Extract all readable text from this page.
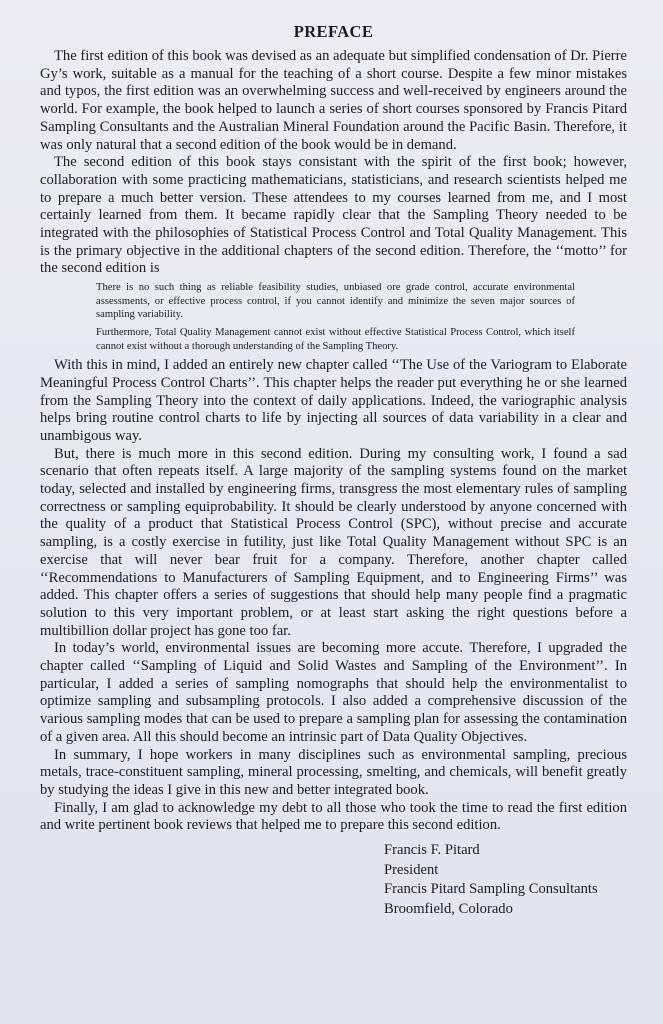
PREFACE

The first edition of this book was devised as an adequate but simplified condensation of Dr. Pierre Gy’s work, suitable as a manual for the teaching of a short course. Despite a few minor mistakes and typos, the first edition was an overwhelming success and well-received by engineers around the world. For example, the book helped to launch a series of short courses sponsored by Francis Pitard Sampling Consultants and the Australian Mineral Foundation around the Pacific Basin. Therefore, it was only natural that a second edition of the book would be in demand.

The second edition of this book stays consistant with the spirit of the first book; however, collaboration with some practicing mathematicians, statisticians, and research scientists helped me to prepare a much better version. These attendees to my courses learned from me, and I most certainly learned from them. It became rapidly clear that the Sampling Theory needed to be integrated with the philosophies of Statistical Process Control and Total Quality Management. This is the primary objective in the additional chapters of the second edition. Therefore, the ‘‘motto’’ for the second edition is

There is no such thing as reliable feasibility studies, unbiased ore grade control, accurate environmental assessments, or effective process control, if you cannot identify and minimize the seven major sources of sampling variability.

Furthermore, Total Quality Management cannot exist without effective Statistical Process Control, which itself cannot exist without a thorough understanding of the Sampling Theory.

With this in mind, I added an entirely new chapter called ‘‘The Use of the Variogram to Elaborate Meaningful Process Control Charts’’. This chapter helps the reader put everything he or she learned from the Sampling Theory into the context of daily applications. Indeed, the variographic analysis helps bring routine control charts to life by injecting all sources of data variability in a clear and unambigous way.

But, there is much more in this second edition. During my consulting work, I found a sad scenario that often repeats itself. A large majority of the sampling systems found on the market today, selected and installed by engineering firms, transgress the most elementary rules of sampling correctness or sampling equiprobability. It should be clearly understood by anyone concerned with the quality of a product that Statistical Process Control (SPC), without precise and accurate sampling, is a costly exercise in futility, just like Total Quality Management without SPC is an exercise that will never bear fruit for a company. Therefore, another chapter called ‘‘Recommendations to Manufacturers of Sampling Equipment, and to Engineering Firms’’ was added. This chapter offers a series of suggestions that should help many people find a pragmatic solution to this very important problem, or at least start asking the right questions before a multibillion dollar project has gone too far.

In today’s world, environmental issues are becoming more accute. Therefore, I upgraded the chapter called ‘‘Sampling of Liquid and Solid Wastes and Sampling of the Environment’’. In particular, I added a series of sampling nomographs that should help the environmentalist to optimize sampling and subsampling protocols. I also added a comprehensive discussion of the various sampling modes that can be used to prepare a sampling plan for assessing the contamination of a given area. All this should become an intrinsic part of Data Quality Objectives.

In summary, I hope workers in many disciplines such as environmental sampling, precious metals, trace-constituent sampling, mineral processing, smelting, and chemicals, will benefit greatly by studying the ideas I give in this new and better integrated book.

Finally, I am glad to acknowledge my debt to all those who took the time to read the first edition and write pertinent book reviews that helped me to prepare this second edition.

Francis F. Pitard
President
Francis Pitard Sampling Consultants
Broomfield, Colorado
